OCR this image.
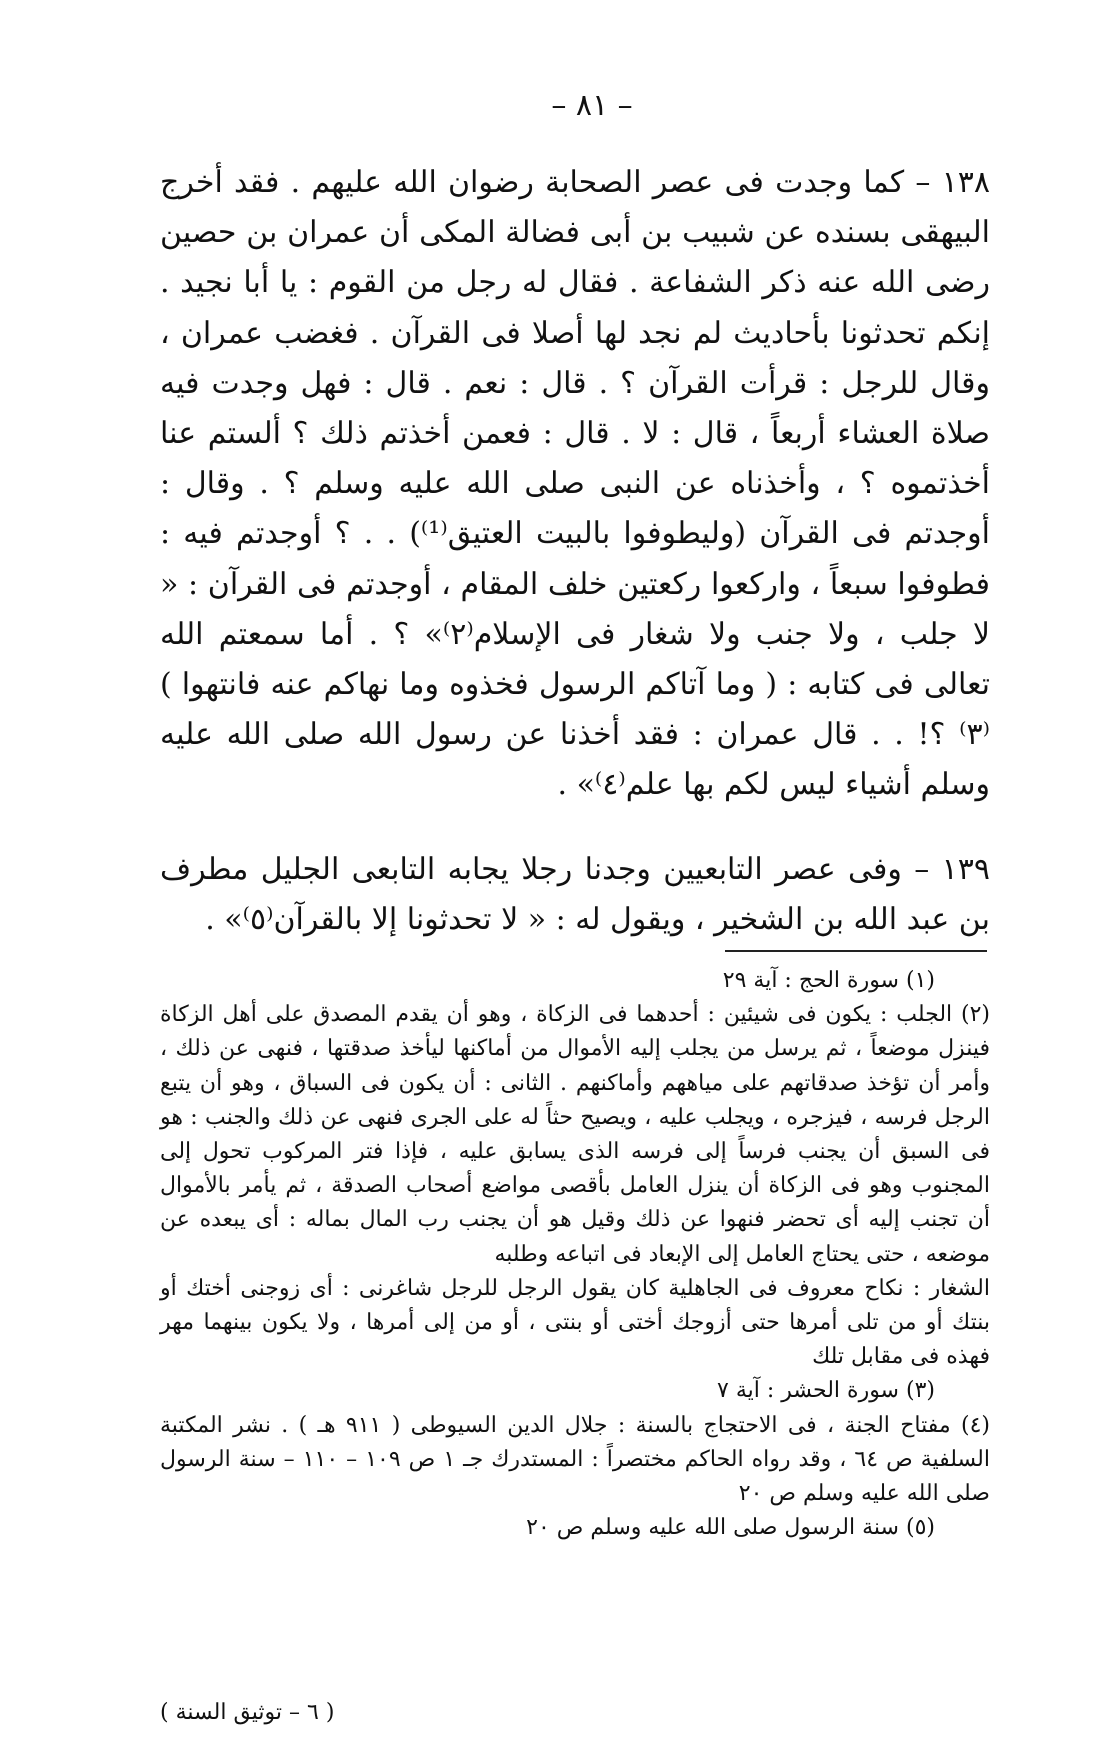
– ٨١ –

١٣٨ – كما وجدت فى عصر الصحابة رضوان الله عليهم . فقد أخرج البيهقى بسنده عن شبيب بن أبى فضالة المكى أن عمران بن حصين رضى الله عنه ذكر الشفاعة . فقال له رجل من القوم : يا أبا نجيد . إنكم تحدثونا بأحاديث لم نجد لها أصلا فى القرآن . فغضب عمران ، وقال للرجل : قرأت القرآن ؟ . قال : نعم . قال : فهل وجدت فيه صلاة العشاء أربعاً ، قال : لا . قال : فعمن أخذتم ذلك ؟ ألستم عنا أخذتموه ؟ ، وأخذناه عن النبى صلى الله عليه وسلم ؟ . وقال : أوجدتم فى القرآن (وليطوفوا بالبيت العتيق⁽¹⁾) . . ؟ أوجدتم فيه : فطوفوا سبعاً ، واركعوا ركعتين خلف المقام ، أوجدتم فى القرآن : « لا جلب ، ولا جنب ولا شغار فى الإسلام⁽٢⁾» ؟ . أما سمعتم الله تعالى فى كتابه : ( وما آتاكم الرسول فخذوه وما نهاكم عنه فانتهوا )⁽٣⁾ ؟! . . قال عمران : فقد أخذنا عن رسول الله صلى الله عليه وسلم أشياء ليس لكم بها علم⁽٤⁾» .

١٣٩ – وفى عصر التابعيين وجدنا رجلا يجابه التابعى الجليل مطرف بن عبد الله بن الشخير ، ويقول له : « لا تحدثونا إلا بالقرآن⁽٥⁾» .

(١) سورة الحج : آية ٢٩

(٢) الجلب : يكون فى شيئين : أحدهما فى الزكاة ، وهو أن يقدم المصدق على أهل الزكاة فينزل موضعاً ، ثم يرسل من يجلب إليه الأموال من أماكنها ليأخذ صدقتها ، فنهى عن ذلك ، وأمر أن تؤخذ صدقاتهم على مياههم وأماكنهم . الثانى : أن يكون فى السباق ، وهو أن يتبع الرجل فرسه ، فيزجره ، ويجلب عليه ، ويصيح حثاً له على الجرى فنهى عن ذلك والجنب : هو فى السبق أن يجنب فرساً إلى فرسه الذى يسابق عليه ، فإذا فتر المركوب تحول إلى المجنوب وهو فى الزكاة أن ينزل العامل بأقصى مواضع أصحاب الصدقة ، ثم يأمر بالأموال أن تجنب إليه أى تحضر فنهوا عن ذلك وقيل هو أن يجنب رب المال بماله : أى يبعده عن موضعه ، حتى يحتاج العامل إلى الإبعاد فى اتباعه وطلبه

الشغار : نكاح معروف فى الجاهلية كان يقول الرجل للرجل شاغرنى : أى زوجنى أختك أو بنتك أو من تلى أمرها حتى أزوجك أختى أو بنتى ، أو من إلى أمرها ، ولا يكون بينهما مهر فهذه فى مقابل تلك

(٣) سورة الحشر : آية ٧

(٤) مفتاح الجنة ، فى الاحتجاج بالسنة : جلال الدين السيوطى ( ٩١١ هـ ) . نشر المكتبة السلفية ص ٦٤ ، وقد رواه الحاكم مختصراً : المستدرك جـ ١ ص ١٠٩ – ١١٠ – سنة الرسول صلى الله عليه وسلم ص ٢٠

(٥) سنة الرسول صلى الله عليه وسلم ص ٢٠

( ٦ – توثيق السنة )
